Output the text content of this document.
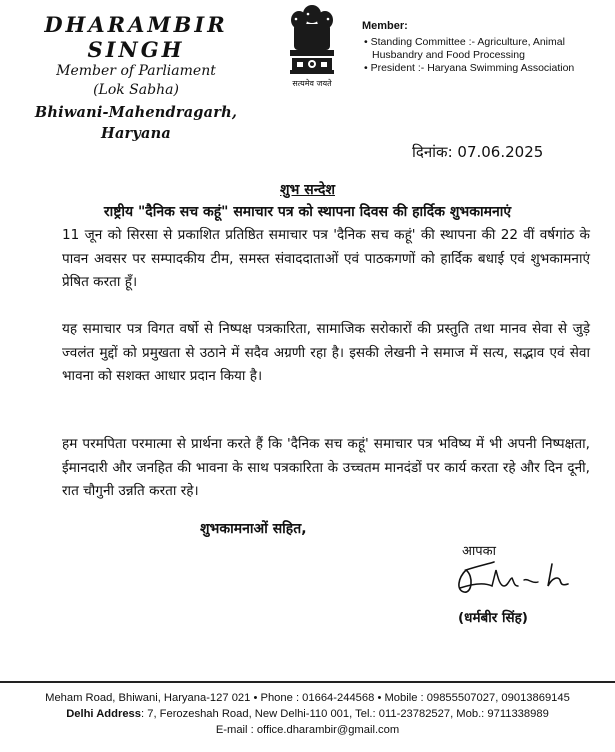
DHARAMBIR SINGH
Member of Parliament
(Lok Sabha)
Bhiwani-Mahendragarh, Haryana
सत्यमेव जयते
Member:
• Standing Committee :- Agriculture, Animal Husbandry and Food Processing
• President :- Haryana Swimming Association
दिनांक: 07.06.2025
शुभ सन्देश
राष्ट्रीय "दैनिक सच कहूं" समाचार पत्र को स्थापना दिवस की हार्दिक शुभकामनाएं
11 जून को सिरसा से प्रकाशित प्रतिष्ठित समाचार पत्र 'दैनिक सच कहूं' की स्थापना की 22 वीं वर्षगांठ के पावन अवसर पर सम्पादकीय टीम, समस्त संवाददाताओं एवं पाठकगणों को हार्दिक बधाई एवं शुभकामनाएं प्रेषित करता हूँ।
यह समाचार पत्र विगत वर्षो से निष्पक्ष पत्रकारिता, सामाजिक सरोकारों की प्रस्तुति तथा मानव सेवा से जुड़े ज्वलंत मुद्दों को प्रमुखता से उठाने में सदैव अग्रणी रहा है। इसकी लेखनी ने समाज में सत्य, सद्भाव एवं सेवा भावना को सशक्त आधार प्रदान किया है।
हम परमपिता परमात्मा से प्रार्थना करते हैं कि 'दैनिक सच कहूं' समाचार पत्र भविष्य में भी अपनी निष्पक्षता, ईमानदारी और जनहित की भावना के साथ पत्रकारिता के उच्चतम मानदंडों पर कार्य करता रहे और दिन दूनी, रात चौगुनी उन्नति करता रहे।
शुभकामनाओं सहित,
आपका
(धर्मबीर सिंह)
Meham Road, Bhiwani, Haryana-127 021 • Phone : 01664-244568 • Mobile : 09855507027, 09013869145
Delhi Address: 7, Ferozeshah Road, New Delhi-110 001, Tel.: 011-23782527, Mob.: 9711338989
E-mail : office.dharambir@gmail.com
